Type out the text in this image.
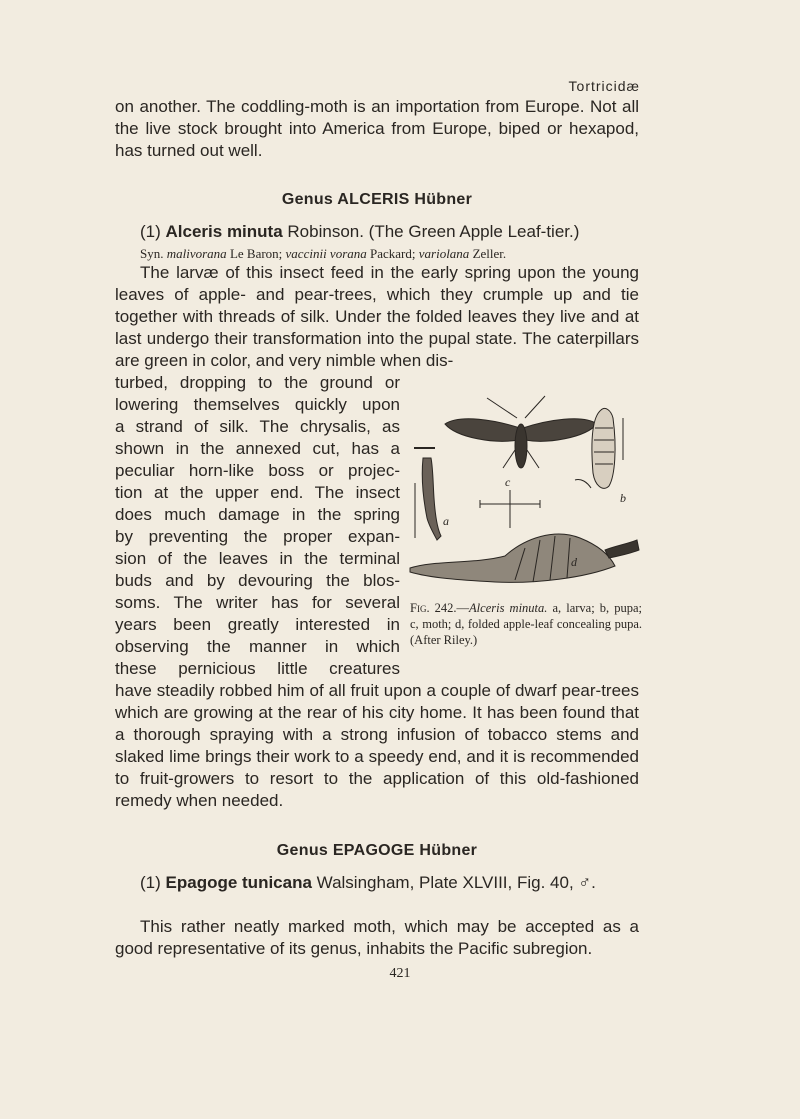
Tortricidæ
on another. The coddling-moth is an importation from Europe. Not all the live stock brought into America from Europe, biped or hexapod, has turned out well.
Genus ALCERIS Hübner
(1) Alceris minuta Robinson. (The Green Apple Leaf-tier.)
Syn. malivorana Le Baron; vaccinii vorana Packard; variolana Zeller.
The larvæ of this insect feed in the early spring upon the young leaves of apple- and pear-trees, which they crumple up and tie together with threads of silk. Under the folded leaves they live and at last undergo their transformation into the pupal state. The caterpillars are green in color, and very nimble when dis-
turbed, dropping to the ground or
lowering themselves quickly upon
a strand of silk. The chrysalis, as
shown in the annexed cut, has a
peculiar horn-like boss or projec-
tion at the upper end. The insect
does much damage in the spring
by preventing the proper expan-
sion of the leaves in the terminal
buds and by devouring the blos-
soms. The writer has for several
years been greatly interested in
observing the manner in which
these pernicious little creatures
c
a
b
d
Fig. 242.—Alceris minuta. a, larva; b, pupa; c, moth; d, folded apple-leaf concealing pupa. (After Riley.)
have steadily robbed him of all fruit upon a couple of dwarf pear-trees which are growing at the rear of his city home. It has been found that a thorough spraying with a strong infusion of tobacco stems and slaked lime brings their work to a speedy end, and it is recommended to fruit-growers to resort to the application of this old-fashioned remedy when needed.
Genus EPAGOGE Hübner
(1) Epagoge tunicana Walsingham, Plate XLVIII, Fig. 40, ♂.
This rather neatly marked moth, which may be accepted as a good representative of its genus, inhabits the Pacific subregion.
421
